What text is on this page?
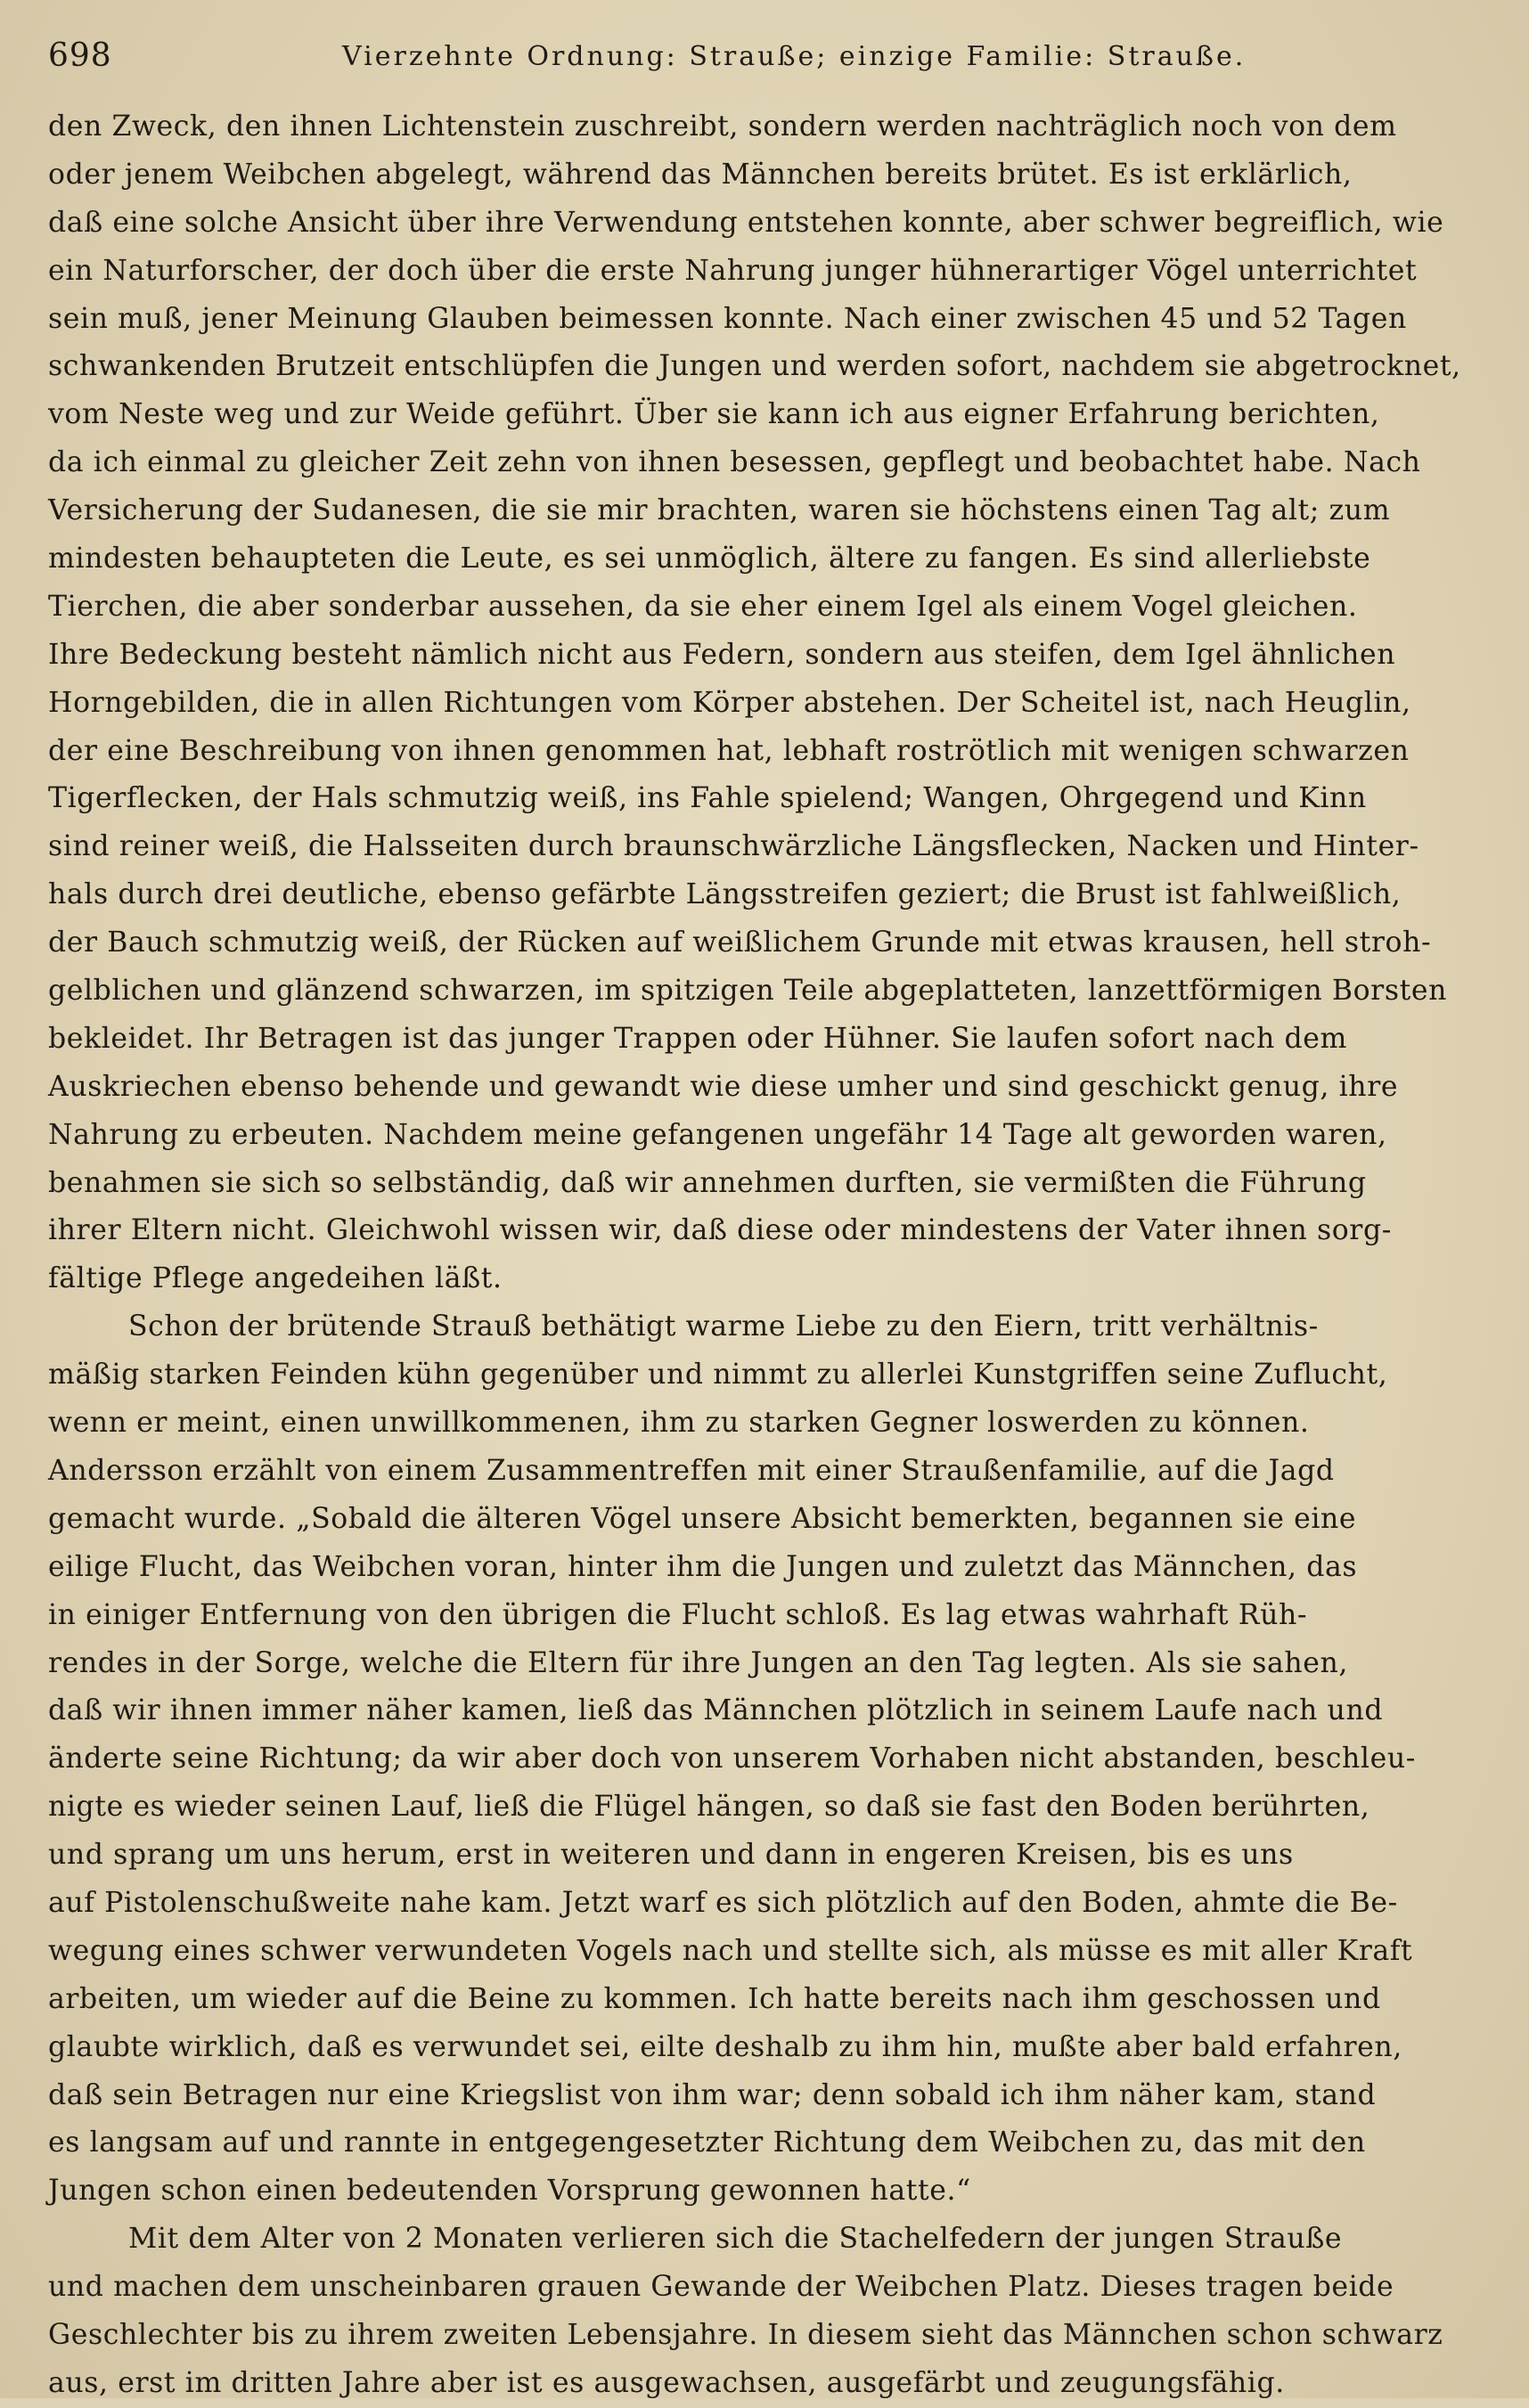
698	Vierzehnte Ordnung: Strauße; einzige Familie: Strauße.
den Zweck, den ihnen Lichtenstein zuschreibt, sondern werden nachträglich noch von dem
oder jenem Weibchen abgelegt, während das Männchen bereits brütet. Es ist erklärlich,
daß eine solche Ansicht über ihre Verwendung entstehen konnte, aber schwer begreiflich, wie
ein Naturforscher, der doch über die erste Nahrung junger hühnerartiger Vögel unterrichtet
sein muß, jener Meinung Glauben beimessen konnte. Nach einer zwischen 45 und 52 Tagen
schwankenden Brutzeit entschlüpfen die Jungen und werden sofort, nachdem sie abgetrocknet,
vom Neste weg und zur Weide geführt. Über sie kann ich aus eigner Erfahrung berichten,
da ich einmal zu gleicher Zeit zehn von ihnen besessen, gepflegt und beobachtet habe. Nach
Versicherung der Sudanesen, die sie mir brachten, waren sie höchstens einen Tag alt; zum
mindesten behaupteten die Leute, es sei unmöglich, ältere zu fangen. Es sind allerliebste
Tierchen, die aber sonderbar aussehen, da sie eher einem Igel als einem Vogel gleichen.
Ihre Bedeckung besteht nämlich nicht aus Federn, sondern aus steifen, dem Igel ähnlichen
Horngebilden, die in allen Richtungen vom Körper abstehen. Der Scheitel ist, nach Heuglin,
der eine Beschreibung von ihnen genommen hat, lebhaft roströtlich mit wenigen schwarzen
Tigerflecken, der Hals schmutzig weiß, ins Fahle spielend; Wangen, Ohrgegend und Kinn
sind reiner weiß, die Halsseiten durch braunschwärzliche Längsflecken, Nacken und Hinter-
hals durch drei deutliche, ebenso gefärbte Längsstreifen geziert; die Brust ist fahlweißlich,
der Bauch schmutzig weiß, der Rücken auf weißlichem Grunde mit etwas krausen, hell stroh-
gelblichen und glänzend schwarzen, im spitzigen Teile abgeplatteten, lanzettförmigen Borsten
bekleidet. Ihr Betragen ist das junger Trappen oder Hühner. Sie laufen sofort nach dem
Auskriechen ebenso behende und gewandt wie diese umher und sind geschickt genug, ihre
Nahrung zu erbeuten. Nachdem meine gefangenen ungefähr 14 Tage alt geworden waren,
benahmen sie sich so selbständig, daß wir annehmen durften, sie vermißten die Führung
ihrer Eltern nicht. Gleichwohl wissen wir, daß diese oder mindestens der Vater ihnen sorg-
fältige Pflege angedeihen läßt.
Schon der brütende Strauß bethätigt warme Liebe zu den Eiern, tritt verhältnis-
mäßig starken Feinden kühn gegenüber und nimmt zu allerlei Kunstgriffen seine Zuflucht,
wenn er meint, einen unwillkommenen, ihm zu starken Gegner loswerden zu können.
Andersson erzählt von einem Zusammentreffen mit einer Straußenfamilie, auf die Jagd
gemacht wurde. „Sobald die älteren Vögel unsere Absicht bemerkten, begannen sie eine
eilige Flucht, das Weibchen voran, hinter ihm die Jungen und zuletzt das Männchen, das
in einiger Entfernung von den übrigen die Flucht schloß. Es lag etwas wahrhaft Rüh-
rendes in der Sorge, welche die Eltern für ihre Jungen an den Tag legten. Als sie sahen,
daß wir ihnen immer näher kamen, ließ das Männchen plötzlich in seinem Laufe nach und
änderte seine Richtung; da wir aber doch von unserem Vorhaben nicht abstanden, beschleu-
nigte es wieder seinen Lauf, ließ die Flügel hängen, so daß sie fast den Boden berührten,
und sprang um uns herum, erst in weiteren und dann in engeren Kreisen, bis es uns
auf Pistolenschußweite nahe kam. Jetzt warf es sich plötzlich auf den Boden, ahmte die Be-
wegung eines schwer verwundeten Vogels nach und stellte sich, als müsse es mit aller Kraft
arbeiten, um wieder auf die Beine zu kommen. Ich hatte bereits nach ihm geschossen und
glaubte wirklich, daß es verwundet sei, eilte deshalb zu ihm hin, mußte aber bald erfahren,
daß sein Betragen nur eine Kriegslist von ihm war; denn sobald ich ihm näher kam, stand
es langsam auf und rannte in entgegengesetzter Richtung dem Weibchen zu, das mit den
Jungen schon einen bedeutenden Vorsprung gewonnen hatte.“
Mit dem Alter von 2 Monaten verlieren sich die Stachelfedern der jungen Strauße
und machen dem unscheinbaren grauen Gewande der Weibchen Platz. Dieses tragen beide
Geschlechter bis zu ihrem zweiten Lebensjahre. In diesem sieht das Männchen schon schwarz
aus, erst im dritten Jahre aber ist es ausgewachsen, ausgefärbt und zeugungsfähig.
